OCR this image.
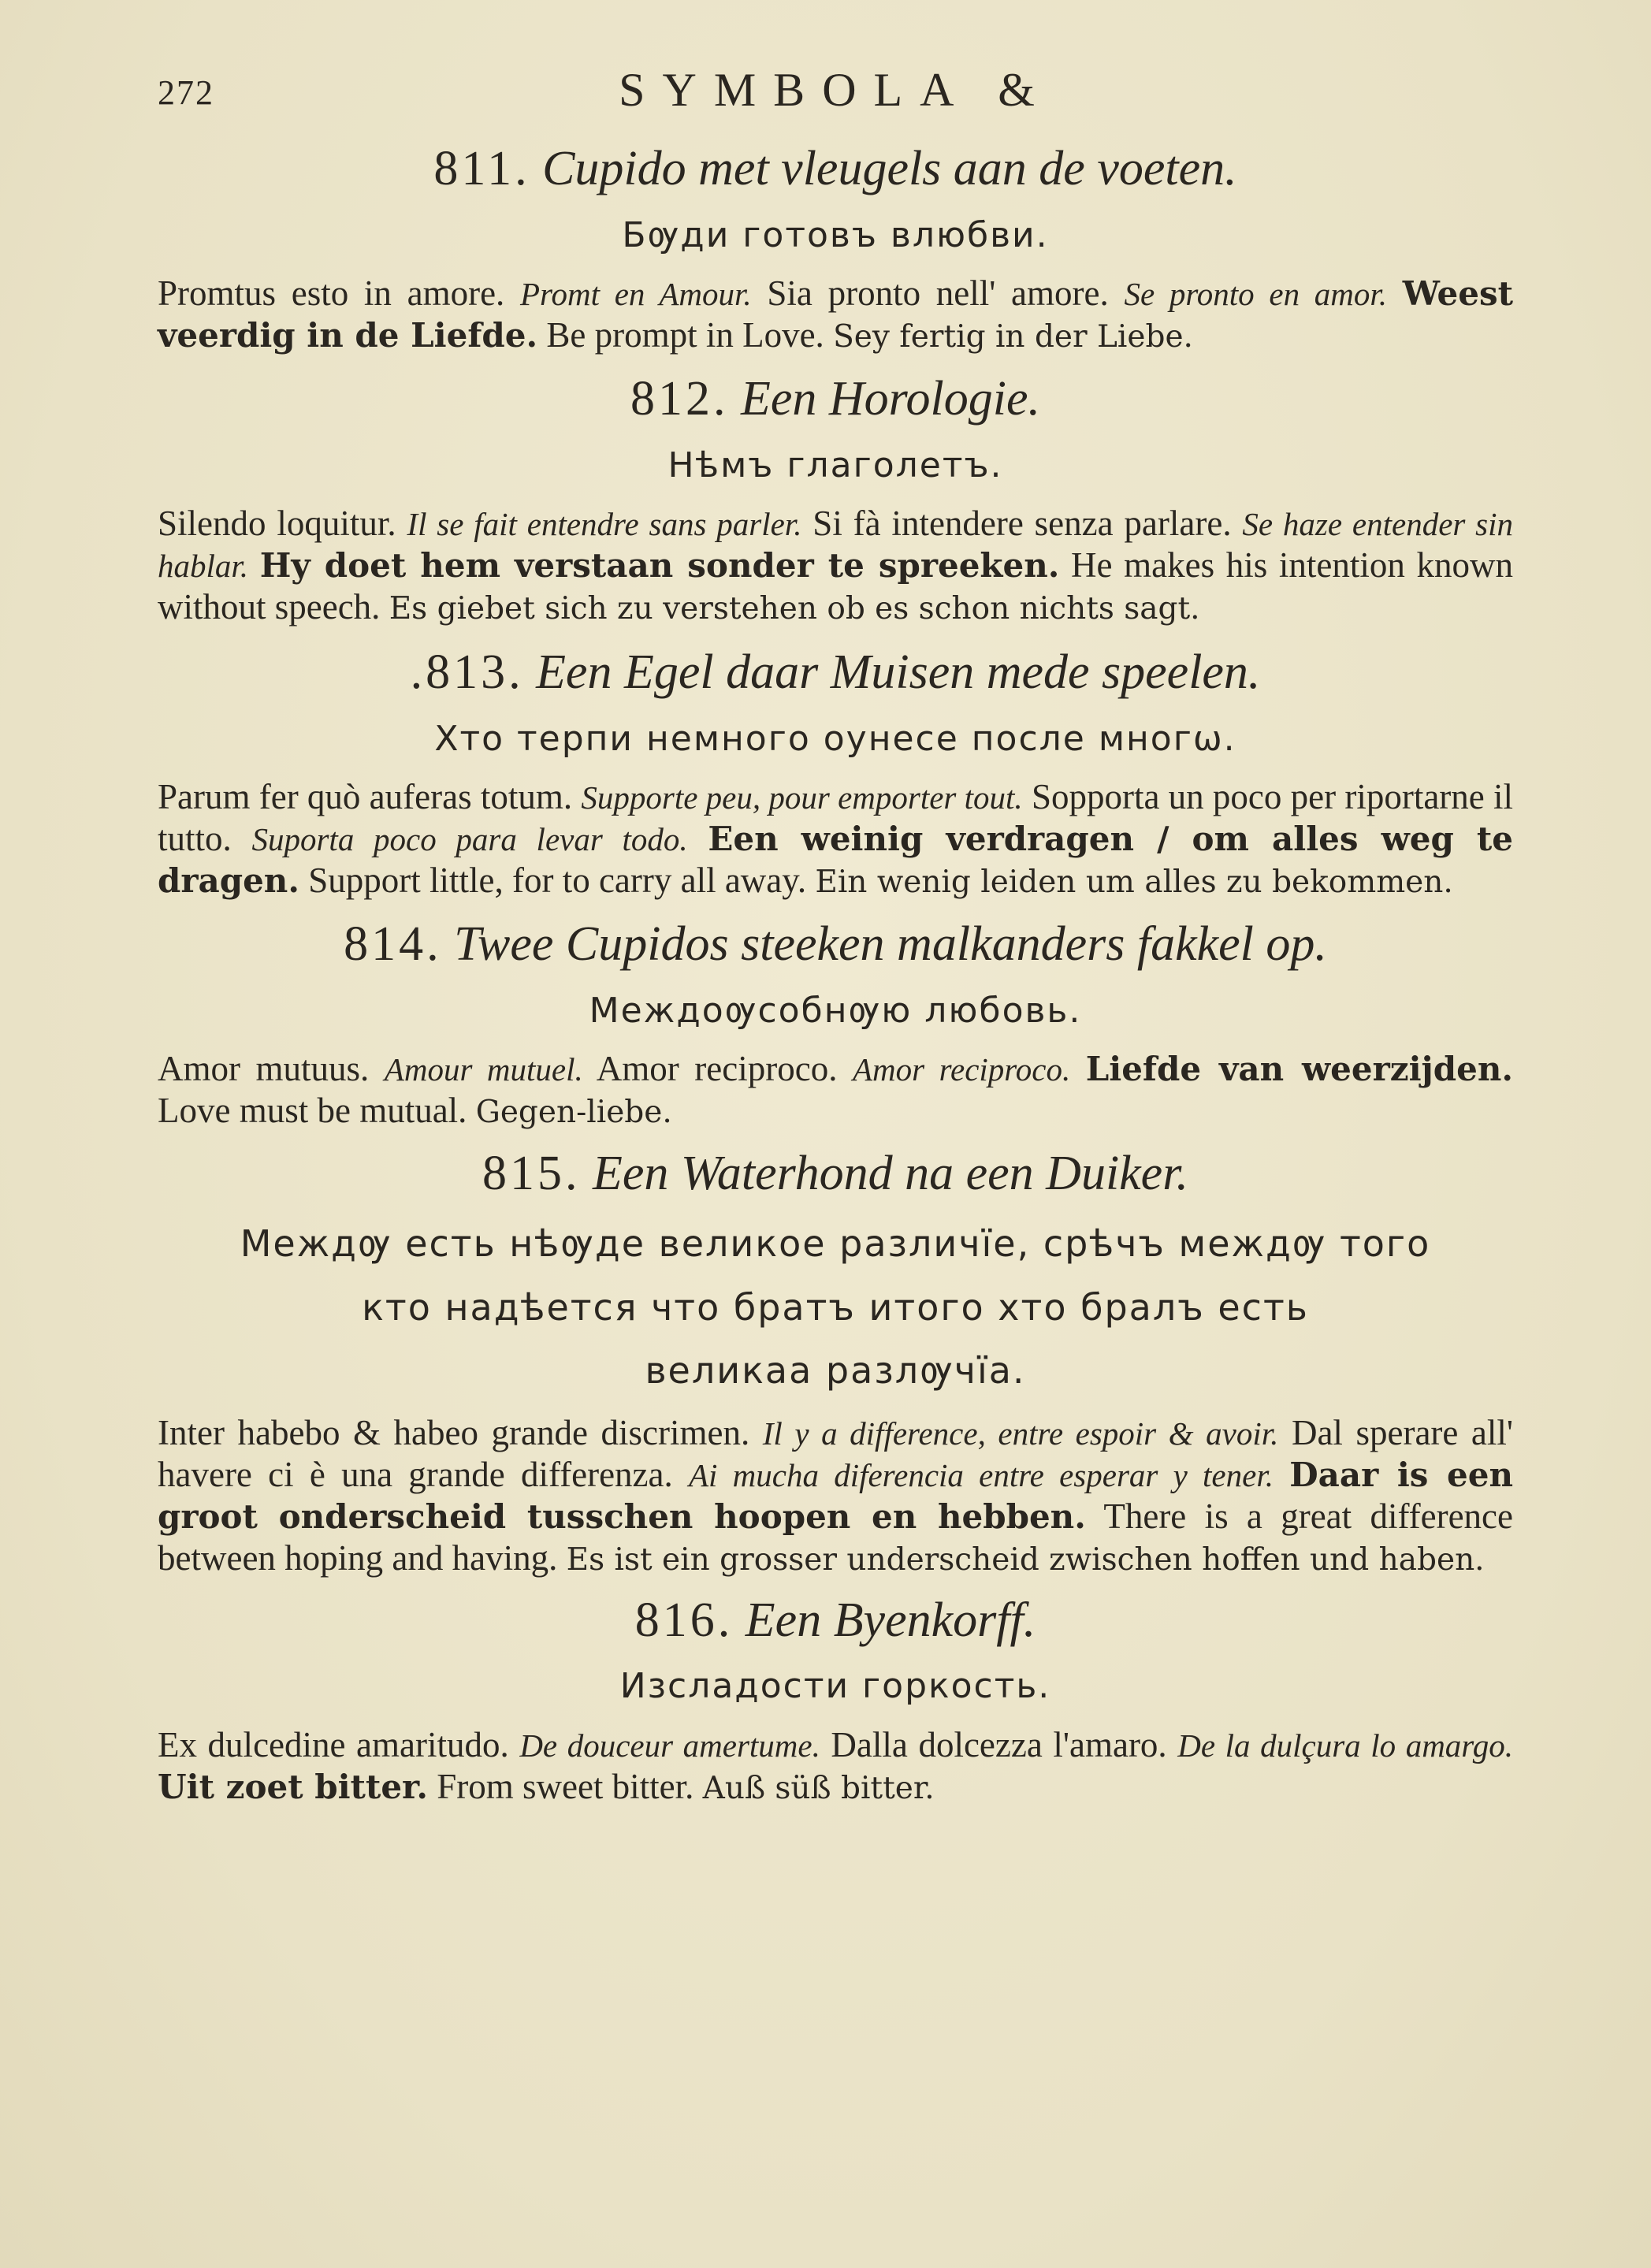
272	SYMBOLA &
811. Cupido met vleugels aan de voeten.
Бѹди готовъ влюбви.

Promtus esto in amore. Promt en Amour. Sia pronto nell' amore. Se pronto en amor. Weest veerdig in de Liefde. Be prompt in Love. Sey fertig in der Liebe.

812. Een Horologie.
Нѣмъ глаголетъ.

Silendo loquitur. Il se fait entendre sans parler. Si fà intendere senza parlare. Se haze entender sin hablar. Hy doet hem verstaan sonder te spreeken. He makes his intention known without speech. Es giebet sich zu verstehen ob es schon nichts sagt.

.813. Een Egel daar Muisen mede speelen.
Хто терпи немного оунесе после многω.

Parum fer quò auferas totum. Supporte peu, pour emporter tout. Sopporta un poco per riportarne il tutto. Suporta poco para levar todo. Een weinig verdragen / om alles weg te dragen. Support little, for to carry all away. Ein wenig leiden um alles zu bekommen.

814. Twee Cupidos steeken malkanders fakkel op.
Междоѹсобнѹю любовь.

Amor mutuus. Amour mutuel. Amor reciproco. Amor reciproco. Liefde van weerzijden. Love must be mutual. Gegen-liebe.

815. Een Waterhond na een Duiker.
Междѹ есть нѣѹде великое различїе, срѣчъ междѹ того
кто надѣется что братъ итого хто бралъ есть
великаа разлѹчїа.

Inter habebo & habeo grande discrimen. Il y a difference, entre espoir & avoir. Dal sperare all' havere ci è una grande differenza. Ai mucha diferencia entre esperar y tener. Daar is een groot onderscheid tusschen hoopen en hebben. There is a great difference between hoping and having. Es ist ein grosser underscheid zwischen hoffen und haben.

816. Een Byenkorff.
Изсладости горкость.

Ex dulcedine amaritudo. De douceur amertume. Dalla dolcezza l'amaro. De la dulçura lo amargo. Uit zoet bitter. From sweet bitter. Auß süß bitter.
